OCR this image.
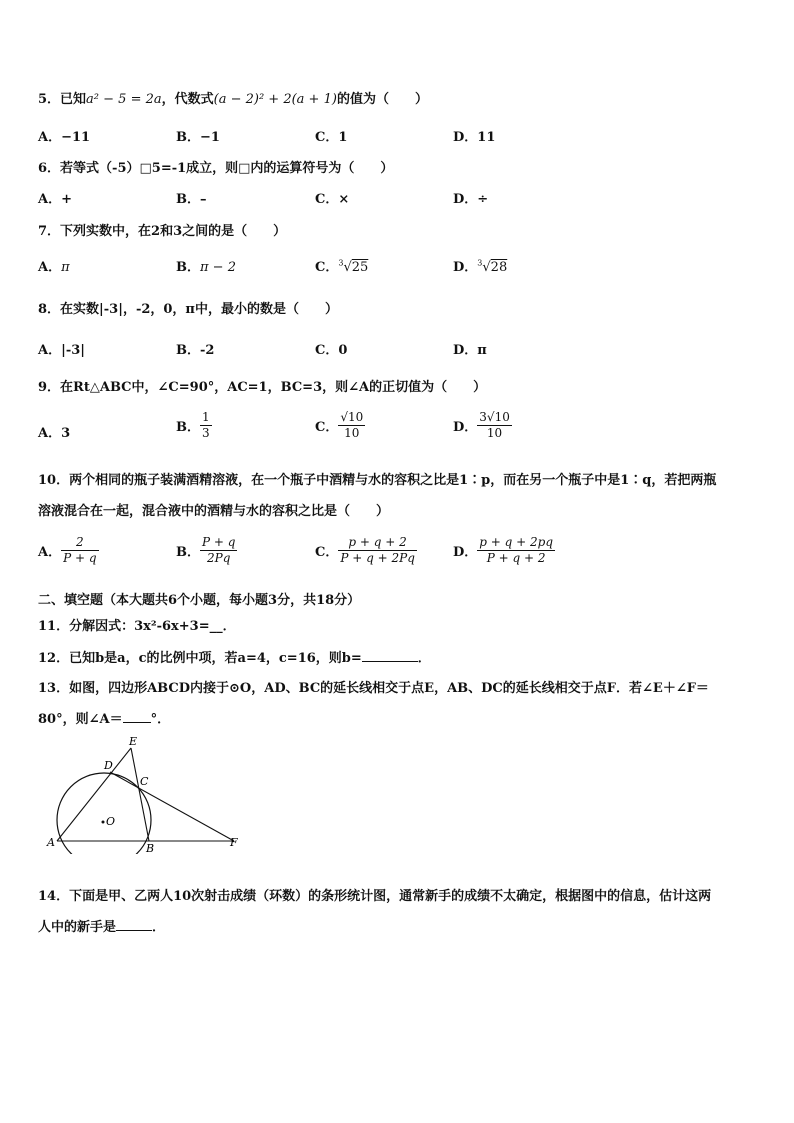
5．已知a² − 5 = 2a，代数式(a − 2)² + 2(a + 1)的值为（　　）
A．−11	B．−1	C．1	D．11
6．若等式（-5）□5=-1成立，则□内的运算符号为（　　）
A．+	B．–	C．×	D．÷
7．下列实数中，在2和3之间的是（　　）
A．π	B．π − 2	C．$^3$√25	D．$^3$√28
8．在实数|-3|，-2，0，π中，最小的数是（　　）
A．|-3|	B．-2	C．0	D．π
9．在Rt△ABC中，∠C=90°，AC=1，BC=3，则∠A的正切值为（　　）
A．3	B． $\frac{1}{3}$	C． $\frac{√10}{10}$	D． $\frac{3√10}{10}$
10．两个相同的瓶子装满酒精溶液，在一个瓶子中酒精与水的容积之比是1∶p，而在另一个瓶子中是1∶q，若把两瓶
溶液混合在一起，混合液中的酒精与水的容积之比是（　　）
A． $\frac{2}{P + q}$	B． $\frac{P + q}{2Pq}$	C． $\frac{p + q + 2}{P + q + 2Pq}$	D． $\frac{p + q + 2pq}{P + q + 2}$
二、填空题（本大题共6个小题，每小题3分，共18分）
11．分解因式：3x²-6x+3=__．
12．已知b是a，c的比例中项，若a=4，c=16，则b=	．
13．如图，四边形ABCD内接于⊙O，AD、BC的延长线相交于点E，AB、DC的延长线相交于点F．若∠E＋∠F＝
80°，则∠A＝ °．
E
D
C
O
A	B	F
14．下面是甲、乙两人10次射击成绩（环数）的条形统计图，通常新手的成绩不太确定，根据图中的信息，估计这两
人中的新手是	．
